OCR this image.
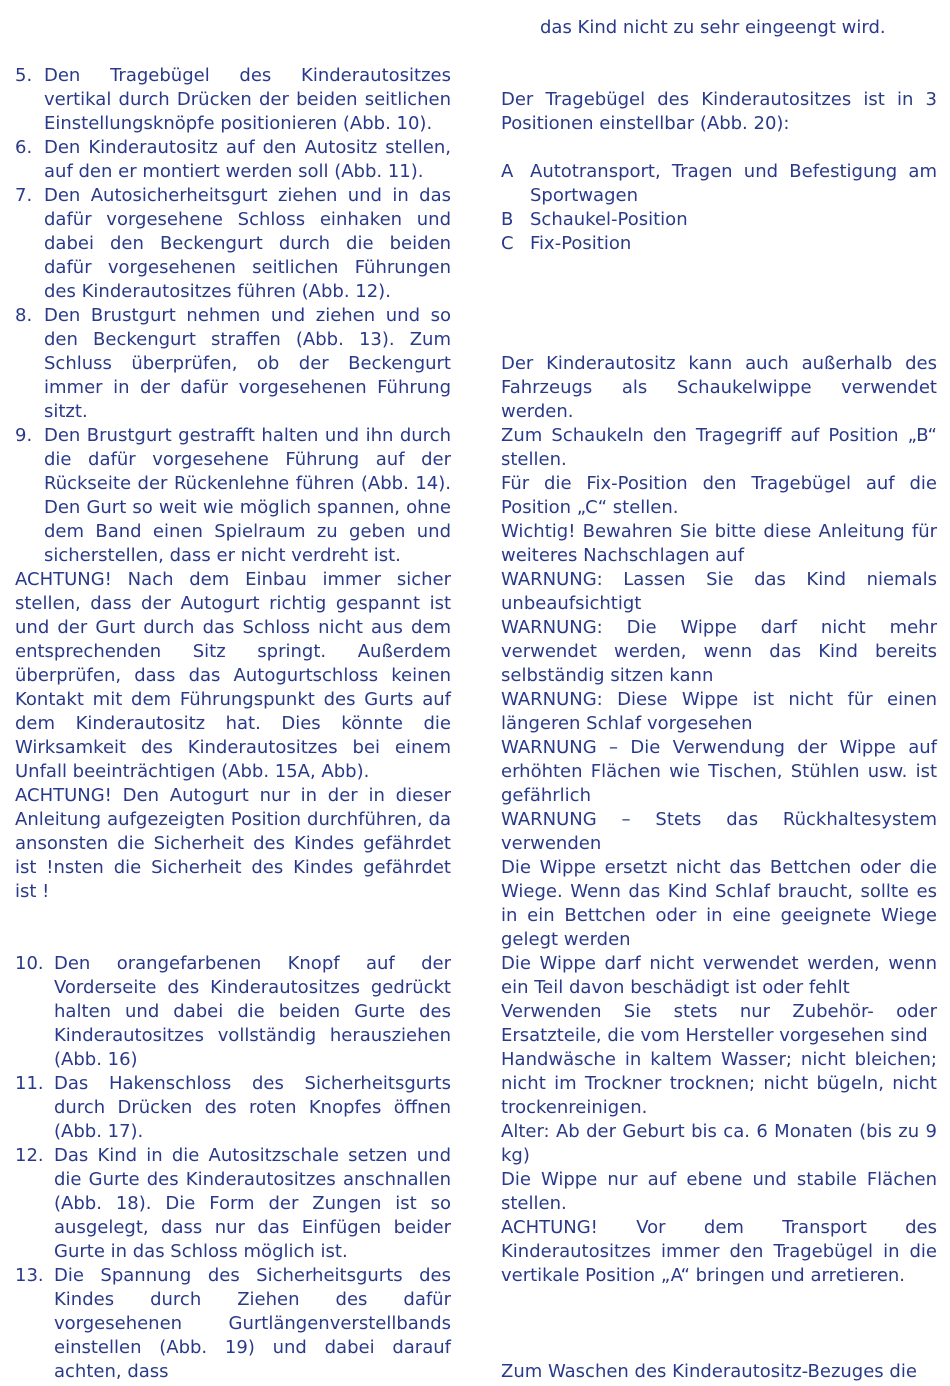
das Kind nicht zu sehr eingeengt wird.
5. Den Tragebügel des Kinderautositzes vertikal durch Drücken der beiden seitlichen Einstellungsknöpfe positionieren (Abb. 10).
6. Den Kinderautositz auf den Autositz stellen, auf den er montiert werden soll (Abb. 11).
7. Den Autosicherheitsgurt ziehen und in das dafür vorgesehene Schloss einhaken und dabei den Beckengurt durch die beiden dafür vorgesehenen seitlichen Führungen des Kinderautositzes führen (Abb. 12).
8. Den Brustgurt nehmen und ziehen und so den Beckengurt straffen (Abb. 13). Zum Schluss überprüfen, ob der Beckengurt immer in der dafür vorgesehenen Führung sitzt.
9. Den Brustgurt gestrafft halten und ihn durch die dafür vorgesehene Führung auf der Rückseite der Rückenlehne führen (Abb. 14). Den Gurt so weit wie möglich spannen, ohne dem Band einen Spielraum zu geben und sicherstellen, dass er nicht verdreht ist.
ACHTUNG! Nach dem Einbau immer sicher stellen, dass der Autogurt richtig gespannt ist und der Gurt durch das Schloss nicht aus dem entsprechenden Sitz springt. Außerdem überprüfen, dass das Autogurtschloss keinen Kontakt mit dem Führungspunkt des Gurts auf dem Kinderautositz hat. Dies könnte die Wirksamkeit des Kinderautositzes bei einem Unfall beeinträchtigen (Abb. 15A, Abb).
ACHTUNG! Den Autogurt nur in der in dieser Anleitung aufgezeigten Position durchführen, da ansonsten die Sicherheit des Kindes gefährdet ist !nsten die Sicherheit des Kindes gefährdet ist !
10. Den orangefarbenen Knopf auf der Vorderseite des Kinderautositzes gedrückt halten und dabei die beiden Gurte des Kinderautositzes vollständig herausziehen (Abb. 16)
11. Das Hakenschloss des Sicherheitsgurts durch Drücken des roten Knopfes öffnen (Abb. 17).
12. Das Kind in die Autositzschale setzen und die Gurte des Kinderautositzes anschnallen (Abb. 18). Die Form der Zungen ist so ausgelegt, dass nur das Einfügen beider Gurte in das Schloss möglich ist.
13. Die Spannung des Sicherheitsgurts des Kindes durch Ziehen des dafür vorgesehenen Gurtlängenverstellbands einstellen (Abb. 19) und dabei darauf achten, dass
Der Tragebügel des Kinderautositzes ist in 3 Positionen einstellbar (Abb. 20):
A Autotransport, Tragen und Befestigung am Sportwagen
B Schaukel-Position
C Fix-Position
Der Kinderautositz kann auch außerhalb des Fahrzeugs als Schaukelwippe verwendet werden.
Zum Schaukeln den Tragegriff auf Position „B“ stellen.
Für die Fix-Position den Tragebügel auf die Position „C“ stellen.
Wichtig! Bewahren Sie bitte diese Anleitung für weiteres Nachschlagen auf
WARNUNG: Lassen Sie das Kind niemals unbeaufsichtigt
WARNUNG: Die Wippe darf nicht mehr verwendet werden, wenn das Kind bereits selbständig sitzen kann
WARNUNG: Diese Wippe ist nicht für einen längeren Schlaf vorgesehen
WARNUNG – Die Verwendung der Wippe auf erhöhten Flächen wie Tischen, Stühlen usw. ist gefährlich
WARNUNG – Stets das Rückhaltesystem verwenden
Die Wippe ersetzt nicht das Bettchen oder die Wiege. Wenn das Kind Schlaf braucht, sollte es in ein Bettchen oder in eine geeignete Wiege gelegt werden
Die Wippe darf nicht verwendet werden, wenn ein Teil davon beschädigt ist oder fehlt
Verwenden Sie stets nur Zubehör- oder Ersatzteile, die vom Hersteller vorgesehen sind
Handwäsche in kaltem Wasser; nicht bleichen; nicht im Trockner trocknen; nicht bügeln, nicht trockenreinigen.
Alter: Ab der Geburt bis ca. 6 Monaten (bis zu 9 kg)
Die Wippe nur auf ebene und stabile Flächen stellen.
ACHTUNG! Vor dem Transport des Kinderautositzes immer den Tragebügel in die vertikale Position „A“ bringen und arretieren.
Zum Waschen des Kinderautositz-Bezuges die
